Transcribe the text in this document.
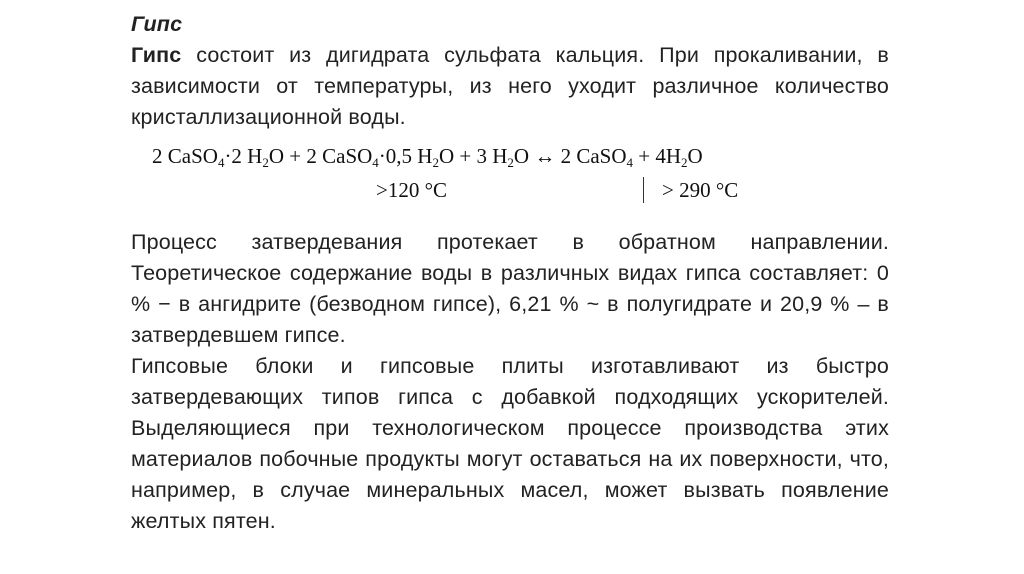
Гипс
Гипс состоит из дигидрата сульфата кальция. При прокаливании, в зависимости от температуры, из него уходит различное количество кристаллизационной воды.
2 CaSO$_4$·2 $H_2O + 2$ CaSO$_4$·0,5 $H_2O + 3$ $H_2O$ ↔ 2 CaSO$_4$ + $4H_2O$
>120 °C	> 290 °C
Процесс затвердевания протекает в обратном направлении. Теоретическое содержание воды в различных видах гипса составляет: 0 % − в ангидрите (безводном гипсе), 6,21 % ~ в полугидрате и 20,9 % – в затвердевшем гипсе.
Гипсовые блоки и гипсовые плиты изготавливают из быстро затвердевающих типов гипса с добавкой подходящих ускорителей. Выделяющиеся при технологическом процессе производства этих материалов побочные продукты могут оставаться на их поверхности, что, например, в случае минеральных масел, может вызвать появление желтых пятен.
